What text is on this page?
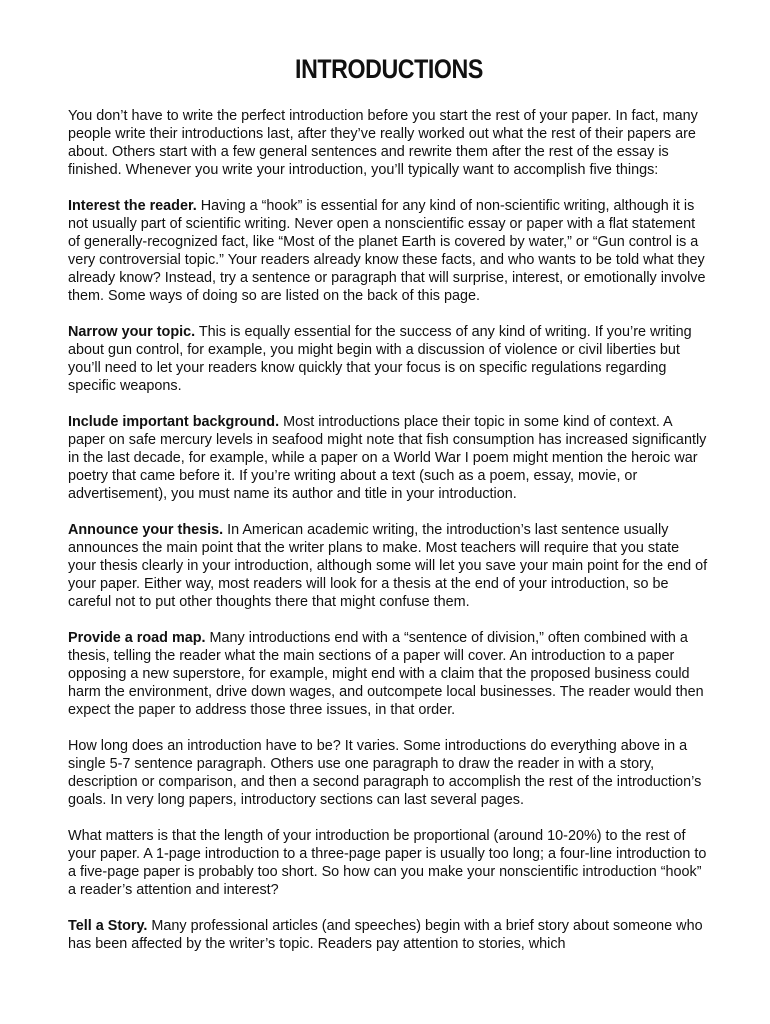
INTRODUCTIONS

You don’t have to write the perfect introduction before you start the rest of your paper. In fact, many people write their introductions last, after they’ve really worked out what the rest of their papers are about. Others start with a few general sentences and rewrite them after the rest of the essay is finished. Whenever you write your introduction, you’ll typically want to accomplish five things:

Interest the reader. Having a “hook” is essential for any kind of non-scientific writing, although it is not usually part of scientific writing. Never open a nonscientific essay or paper with a flat statement of generally-recognized fact, like “Most of the planet Earth is covered by water,” or “Gun control is a very controversial topic.” Your readers already know these facts, and who wants to be told what they already know? Instead, try a sentence or paragraph that will surprise, interest, or emotionally involve them. Some ways of doing so are listed on the back of this page.

Narrow your topic. This is equally essential for the success of any kind of writing. If you’re writing about gun control, for example, you might begin with a discussion of violence or civil liberties but you’ll need to let your readers know quickly that your focus is on specific regulations regarding specific weapons.

Include important background. Most introductions place their topic in some kind of context. A paper on safe mercury levels in seafood might note that fish consumption has increased significantly in the last decade, for example, while a paper on a World War I poem might mention the heroic war poetry that came before it. If you’re writing about a text (such as a poem, essay, movie, or advertisement), you must name its author and title in your introduction.

Announce your thesis. In American academic writing, the introduction’s last sentence usually announces the main point that the writer plans to make. Most teachers will require that you state your thesis clearly in your introduction, although some will let you save your main point for the end of your paper. Either way, most readers will look for a thesis at the end of your introduction, so be careful not to put other thoughts there that might confuse them.

Provide a road map. Many introductions end with a “sentence of division,” often combined with a thesis, telling the reader what the main sections of a paper will cover. An introduction to a paper opposing a new superstore, for example, might end with a claim that the proposed business could harm the environment, drive down wages, and outcompete local businesses. The reader would then expect the paper to address those three issues, in that order.

How long does an introduction have to be? It varies. Some introductions do everything above in a single 5-7 sentence paragraph. Others use one paragraph to draw the reader in with a story, description or comparison, and then a second paragraph to accomplish the rest of the introduction’s goals. In very long papers, introductory sections can last several pages.

What matters is that the length of your introduction be proportional (around 10-20%) to the rest of your paper. A 1-page introduction to a three-page paper is usually too long; a four-line introduction to a five-page paper is probably too short. So how can you make your nonscientific introduction “hook” a reader’s attention and interest?

Tell a Story. Many professional articles (and speeches) begin with a brief story about someone who has been affected by the writer’s topic. Readers pay attention to stories, which
